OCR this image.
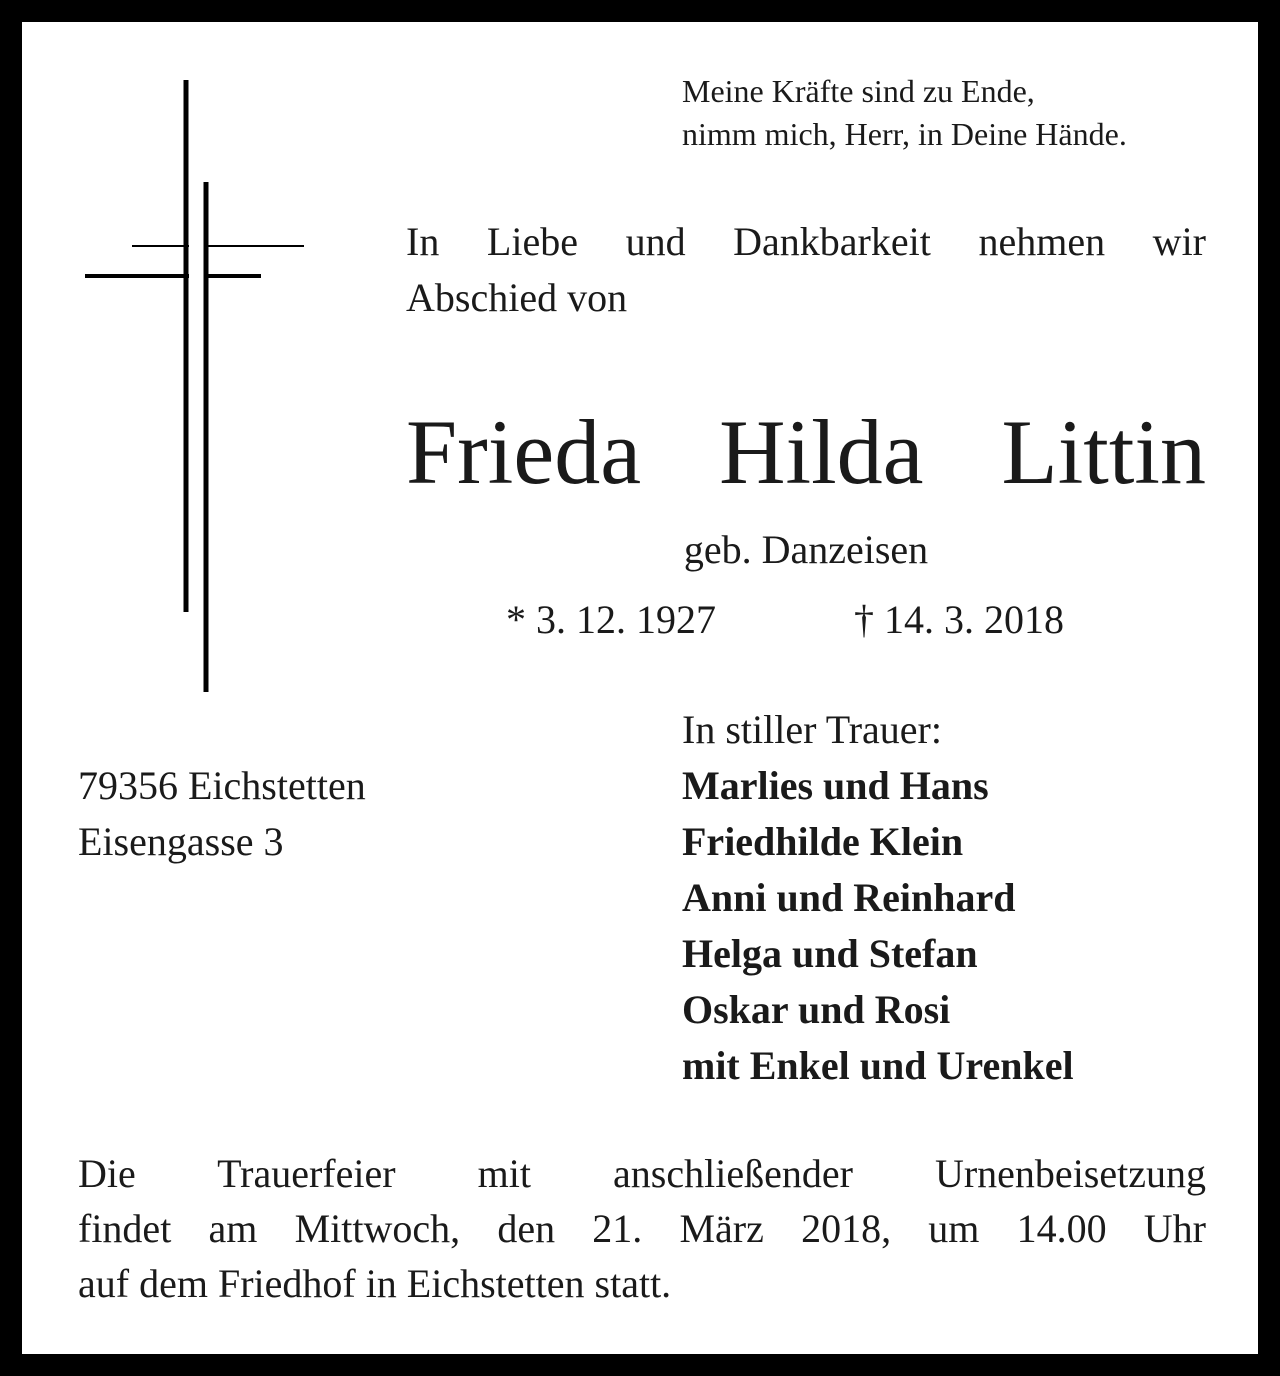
Meine Kräfte sind zu Ende,
nimm mich, Herr, in Deine Hände.
In Liebe und Dankbarkeit nehmen wir
Abschied von
Frieda Hilda Littin
geb. Danzeisen
* 3. 12. 1927	† 14. 3. 2018
79356 Eichstetten
Eisengasse 3
In stiller Trauer:
Marlies und Hans
Friedhilde Klein
Anni und Reinhard
Helga und Stefan
Oskar und Rosi
mit Enkel und Urenkel
Die Trauerfeier mit anschließender Urnenbeisetzung
findet am Mittwoch, den 21. März 2018, um 14.00 Uhr
auf dem Friedhof in Eichstetten statt.
